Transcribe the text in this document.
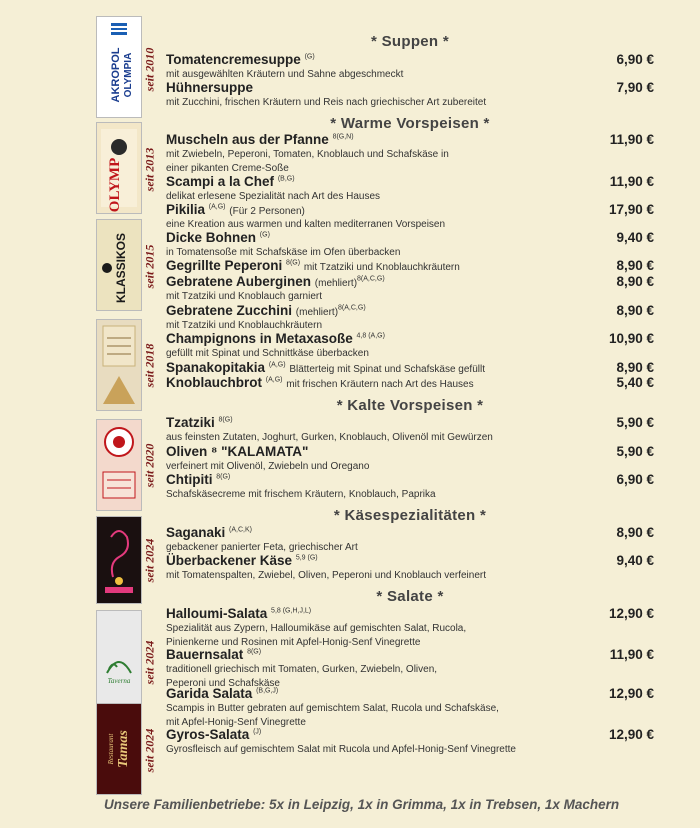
AKROPOL OLYMPIA seit 2010
OLYMP seit 2013
KLASSIKOS seit 2015
seit 2018
seit 2020
seit 2024
Taverna seit 2024
Restaurant Tamas seit 2024
* Suppen *
* Warme Vorspeisen *
* Kalte Vorspeisen *
* Käsespezialitäten *
* Salate *
Tomatencremesuppe $^{(G)}$	6,90 €
mit ausgewählten Kräutern und Sahne abgeschmeckt
Hühnersuppe	7,90 €
mit Zucchini, frischen Kräutern und Reis nach griechischer Art zubereitet
Muscheln aus der Pfanne $^{8(G,N)}$	11,90 €
mit Zwiebeln, Peperoni, Tomaten, Knoblauch und Schafskäse in
einer pikanten Creme-Soße
Scampi a la Chef $^{(B,G)}$	11,90 €
delikat erlesene Spezialität nach Art des Hauses
Pikilia $^{(A,G)}$ (Für 2 Personen)	17,90 €
eine Kreation aus warmen und kalten mediterranen Vorspeisen
Dicke Bohnen $^{(G)}$	9,40 €
in Tomatensoße mit Schafskäse im Ofen überbacken
Gegrillte Peperoni $^{8(G)}$ mit Tzatziki und Knoblauchkräutern	8,90 €
Gebratene Auberginen (mehliert)$^{8(A,C,G)}$	8,90 €
mit Tzatziki und Knoblauch garniert
Gebratene Zucchini (mehliert)$^{8(A,C,G)}$	8,90 €
mit Tzatziki und Knoblauchkräutern
Champignons in Metaxasoße $^{4,8 (A,G)}$	10,90 €
gefüllt mit Spinat und Schnittkäse überbacken
Spanakopitakia $^{(A,G)}$ Blätterteig mit Spinat und Schafskäse gefüllt	8,90 €
Knoblauchbrot $^{(A,G)}$ mit frischen Kräutern nach Art des Hauses	5,40 €
Tzatziki $^{8(G)}$	5,90 €
aus feinsten Zutaten, Joghurt, Gurken, Knoblauch, Olivenöl mit Gewürzen
Oliven ⁸ "KALAMATA"	5,90 €
verfeinert mit Olivenöl, Zwiebeln und Oregano
Chtipiti $^{8(G)}$	6,90 €
Schafskäsecreme mit frischem Kräutern, Knoblauch, Paprika
Saganaki $^{(A,C,K)}$	8,90 €
gebackener panierter Feta, griechischer Art
Überbackener Käse $^{5,9 (G)}$	9,40 €
mit Tomatenspalten, Zwiebel, Oliven, Peperoni und Knoblauch verfeinert
Halloumi-Salata $^{5,8 (G,H,J,L)}$	12,90 €
Spezialität aus Zypern, Halloumikäse auf gemischten Salat, Rucola,
Pinienkerne und Rosinen mit Apfel-Honig-Senf Vinegrette
Bauernsalat $^{8(G)}$	11,90 €
traditionell griechisch mit Tomaten, Gurken, Zwiebeln, Oliven,
Peperoni und Schafskäse
Garida Salata $^{(B,G,J)}$	12,90 €
Scampis in Butter gebraten auf gemischtem Salat, Rucola und Schafskäse,
mit Apfel-Honig-Senf Vinegrette
Gyros-Salata $^{(J)}$	12,90 €
Gyrosfleisch auf gemischtem Salat mit Rucola und Apfel-Honig-Senf Vinegrette
Unsere Familienbetriebe: 5x in Leipzig, 1x in Grimma, 1x in Trebsen, 1x Machern
